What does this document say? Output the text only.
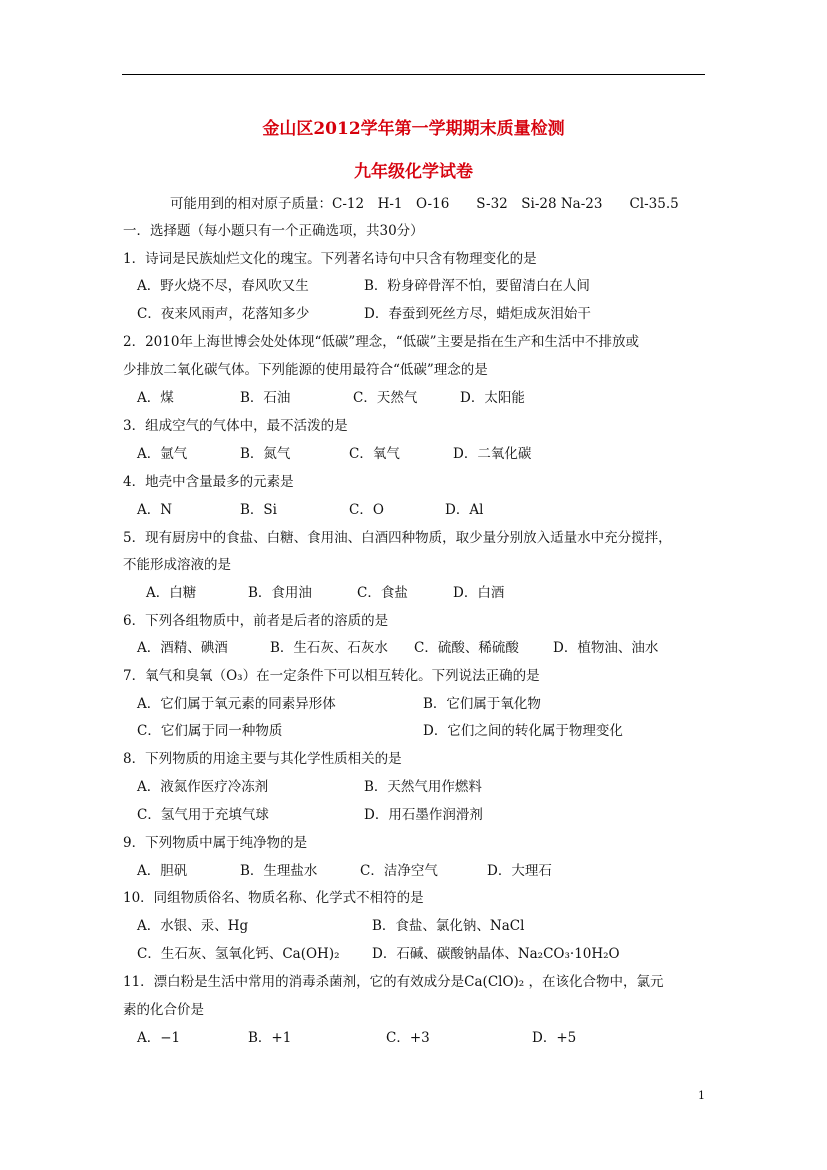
金山区2012学年第一学期期末质量检测
九年级化学试卷
可能用到的相对原子质量：C-12　H-1　O-16　　S-32　Si-28 Na-23　　Cl-35.5
一．选择题（每小题只有一个正确选项，共30分）
1．诗词是民族灿烂文化的瑰宝。下列著名诗句中只含有物理变化的是
A．野火烧不尽，春风吹又生	B．粉身碎骨浑不怕，要留清白在人间
C．夜来风雨声，花落知多少	D．春蚕到死丝方尽，蜡炬成灰泪始干
2．2010年上海世博会处处体现“低碳”理念，“低碳”主要是指在生产和生活中不排放或
少排放二氧化碳气体。下列能源的使用最符合“低碳”理念的是
A．煤	B．石油	C．天然气	D．太阳能
3．组成空气的气体中，最不活泼的是
A．氩气	B．氮气	C．氧气	D．二氧化碳
4．地壳中含量最多的元素是
A．N	B．Si	C．O	D．Al
5．现有厨房中的食盐、白糖、食用油、白酒四种物质，取少量分别放入适量水中充分搅拌，
不能形成溶液的是
A．白糖	B．食用油	C．食盐	D．白酒
6．下列各组物质中，前者是后者的溶质的是
A．酒精、碘酒	B．生石灰、石灰水 C．硫酸、稀硫酸	D．植物油、油水
7．氧气和臭氧（O₃）在一定条件下可以相互转化。下列说法正确的是
A．它们属于氧元素的同素异形体	B．它们属于氧化物
C．它们属于同一种物质	D．它们之间的转化属于物理变化
8．下列物质的用途主要与其化学性质相关的是
A．液氮作医疗冷冻剂	B．天然气用作燃料
C．氢气用于充填气球	D．用石墨作润滑剂
9．下列物质中属于纯净物的是
A．胆矾	B．生理盐水	C．洁净空气	D．大理石
10．同组物质俗名、物质名称、化学式不相符的是
A．水银、汞、Hg	B．食盐、氯化钠、NaCl
C．生石灰、氢氧化钙、Ca(OH)₂ D．石碱、碳酸钠晶体、Na₂CO₃·10H₂O
11．漂白粉是生活中常用的消毒杀菌剂，它的有效成分是Ca(ClO)₂ ，在该化合物中，氯元
素的化合价是
A．−1	B．+1	C．+3	D．+5
1
